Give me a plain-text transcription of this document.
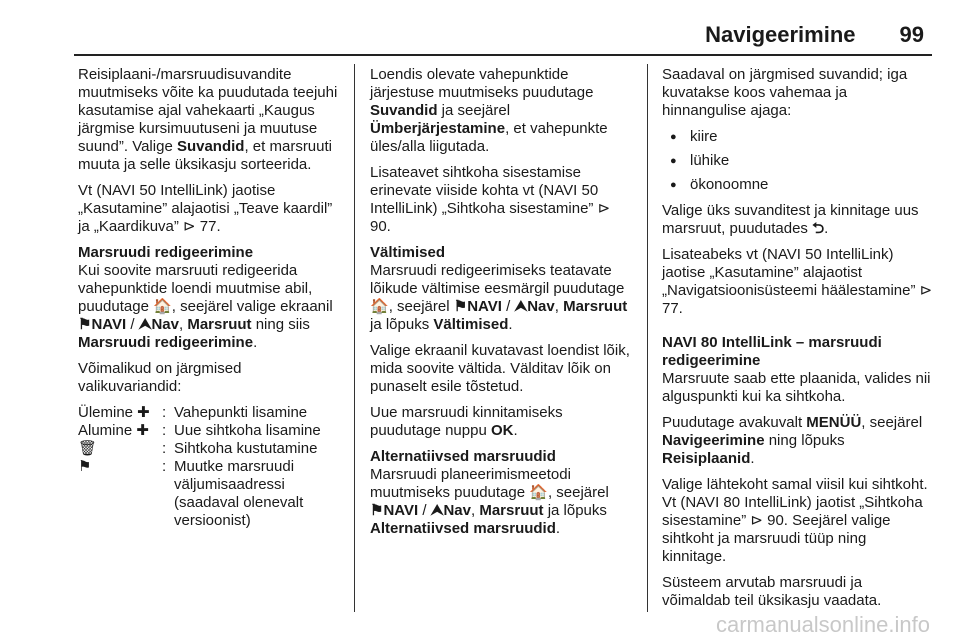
Navigeerimine 99

Reisiplaani-/marsruudisuvandite muutmiseks võite ka puudutada teejuhi kasutamise ajal vahekaarti „Kaugus järgmise kursimuutuseni ja muutuse suund”. Valige Suvandid, et marsruuti muuta ja selle üksikasju sorteerida.

Vt (NAVI 50 IntelliLink) jaotise „Kasutamine” alajaotisi „Teave kaardil” ja „Kaardikuva” ⊳ 77.

Marsruudi redigeerimine

Kui soovite marsruuti redigeerida vahepunktide loendi muutmise abil, puudutage 🏠, seejärel valige ekraanil ⚑NAVI / ⮝Nav, Marsruut ning siis Marsruudi redigeerimine.

Võimalikud on järgmised valikuvariandid:

Ülemine ✚ : Vahepunkti lisamine
Alumine ✚ : Uue sihtkoha lisamine
🗑	: Sihtkoha kustutamine
⚑	: Muutke marsruudi väljumisaadressi (saadaval olenevalt versioonist)

Loendis olevate vahepunktide järjestuse muutmiseks puudutage Suvandid ja seejärel Ümberjärjestamine, et vahepunkte üles/alla liigutada.

Lisateavet sihtkoha sisestamise erinevate viiside kohta vt (NAVI 50 IntelliLink) „Sihtkoha sisestamine” ⊳ 90.

Vältimised

Marsruudi redigeerimiseks teatavate lõikude vältimise eesmärgil puudutage 🏠, seejärel ⚑NAVI / ⮝Nav, Marsruut ja lõpuks Vältimised.

Valige ekraanil kuvatavast loendist lõik, mida soovite vältida. Välditav lõik on punaselt esile tõstetud.

Uue marsruudi kinnitamiseks puudutage nuppu OK.

Alternatiivsed marsruudid

Marsruudi planeerimismeetodi muutmiseks puudutage 🏠, seejärel ⚑NAVI / ⮝Nav, Marsruut ja lõpuks Alternatiivsed marsruudid.

Saadaval on järgmised suvandid; iga kuvatakse koos vahemaa ja hinnangulise ajaga:

● kiire
● lühike
● ökonoomne

Valige üks suvanditest ja kinnitage uus marsruut, puudutades ⮌.

Lisateabeks vt (NAVI 50 IntelliLink) jaotise „Kasutamine” alajaotist „Navigatsioonisüsteemi häälestamine” ⊳ 77.

NAVI 80 IntelliLink – marsruudi redigeerimine

Marsruute saab ette plaanida, valides nii alguspunkti kui ka sihtkoha.

Puudutage avakuvalt MENÜÜ, seejärel Navigeerimine ning lõpuks Reisiplaanid.

Valige lähtekoht samal viisil kui sihtkoht. Vt (NAVI 80 IntelliLink) jaotist „Sihtkoha sisestamine” ⊳ 90. Seejärel valige sihtkoht ja marsruudi tüüp ning kinnitage.

Süsteem arvutab marsruudi ja võimaldab teil üksikasju vaadata.

carmanualsonline.info
